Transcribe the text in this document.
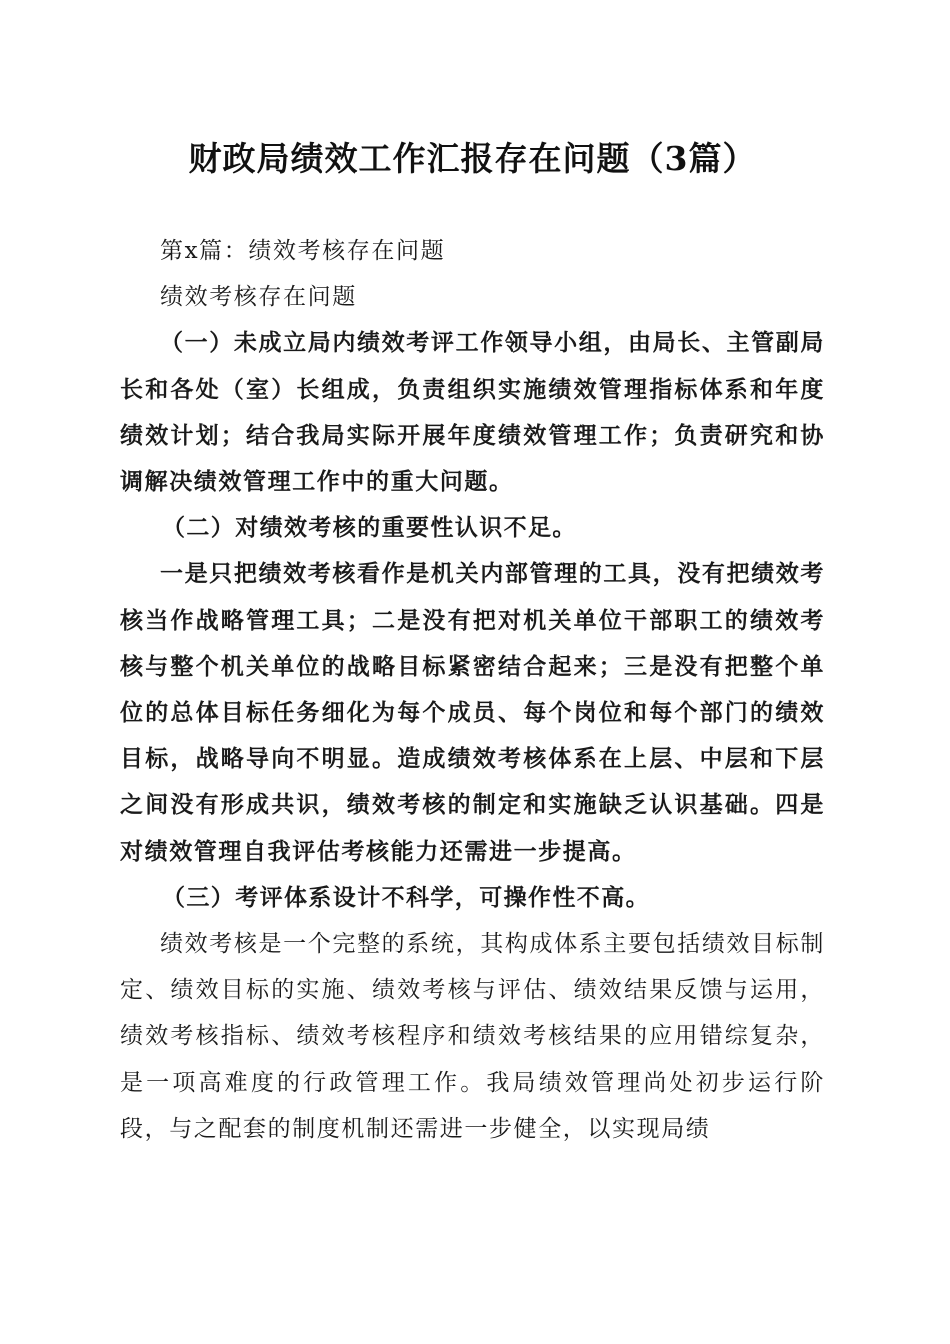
财政局绩效工作汇报存在问题（3篇）

第x篇：绩效考核存在问题

绩效考核存在问题

（一）未成立局内绩效考评工作领导小组，由局长、主管副局长和各处（室）长组成，负责组织实施绩效管理指标体系和年度绩效计划；结合我局实际开展年度绩效管理工作；负责研究和协调解决绩效管理工作中的重大问题。

（二）对绩效考核的重要性认识不足。

一是只把绩效考核看作是机关内部管理的工具，没有把绩效考核当作战略管理工具；二是没有把对机关单位干部职工的绩效考核与整个机关单位的战略目标紧密结合起来；三是没有把整个单位的总体目标任务细化为每个成员、每个岗位和每个部门的绩效目标，战略导向不明显。造成绩效考核体系在上层、中层和下层之间没有形成共识，绩效考核的制定和实施缺乏认识基础。四是对绩效管理自我评估考核能力还需进一步提高。

（三）考评体系设计不科学，可操作性不高。

绩效考核是一个完整的系统，其构成体系主要包括绩效目标制定、绩效目标的实施、绩效考核与评估、绩效结果反馈与运用，绩效考核指标、绩效考核程序和绩效考核结果的应用错综复杂，是一项高难度的行政管理工作。我局绩效管理尚处初步运行阶段，与之配套的制度机制还需进一步健全，以实现局绩
